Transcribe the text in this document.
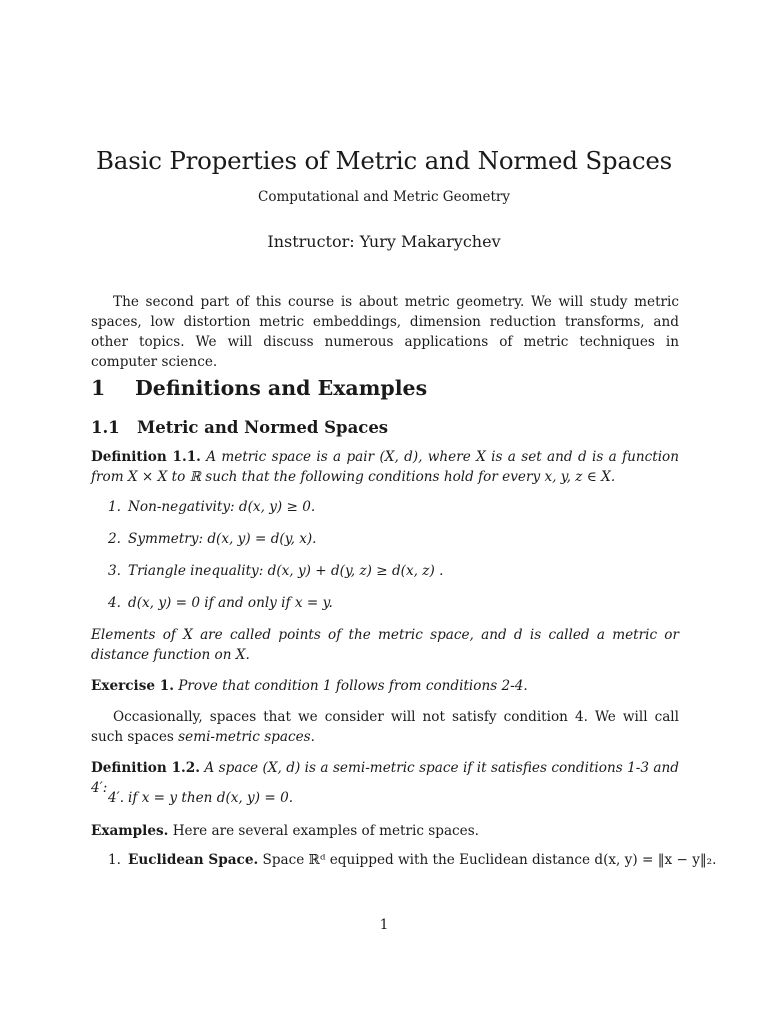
Basic Properties of Metric and Normed Spaces
Computational and Metric Geometry
Instructor: Yury Makarychev

The second part of this course is about metric geometry. We will study metric spaces, low distortion metric embeddings, dimension reduction transforms, and other topics. We will discuss numerous applications of metric techniques in computer science.

1 Definitions and Examples
1.1 Metric and Normed Spaces

Definition 1.1. A metric space is a pair (X, d), where X is a set and d is a function from X × X to ℝ such that the following conditions hold for every x, y, z ∈ X.

1. Non-negativity: d(x, y) ≥ 0.
2. Symmetry: d(x, y) = d(y, x).
3. Triangle inequality: d(x, y) + d(y, z) ≥ d(x, z) .
4. d(x, y) = 0 if and only if x = y.

Elements of X are called points of the metric space, and d is called a metric or distance function on X.

Exercise 1. Prove that condition 1 follows from conditions 2-4.

Occasionally, spaces that we consider will not satisfy condition 4. We will call such spaces semi-metric spaces.

Definition 1.2. A space (X, d) is a semi-metric space if it satisfies conditions 1-3 and 4′:

4′. if x = y then d(x, y) = 0.

Examples. Here are several examples of metric spaces.

1. Euclidean Space. Space ℝᵈ equipped with the Euclidean distance d(x, y) = ‖x − y‖₂.
1
